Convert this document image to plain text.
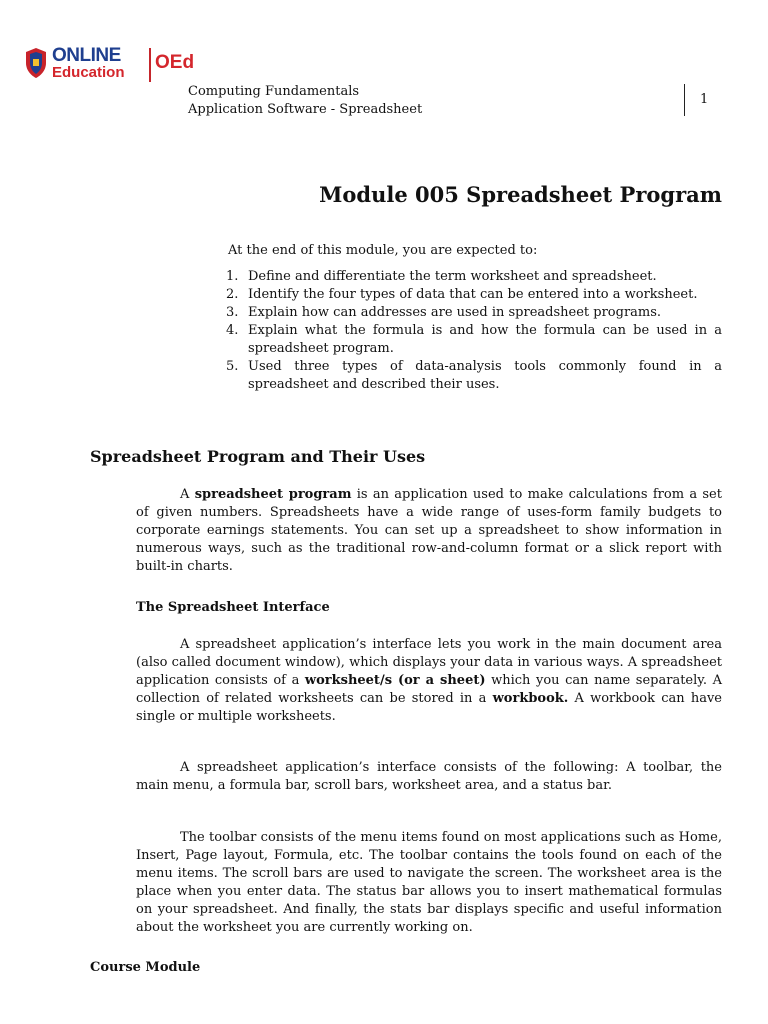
ONLINE
Education OEd
Computing Fundamentals
Application Software - Spreadsheet
1
Module 005 Spreadsheet Program
At the end of this module, you are expected to:
1. Define and differentiate the term worksheet and spreadsheet.
2. Identify the four types of data that can be entered into a worksheet.
3. Explain how can addresses are used in spreadsheet programs.
4. Explain what the formula is and how the formula can be used in a spreadsheet program.
5. Used three types of data-analysis tools commonly found in a spreadsheet and described their uses.
Spreadsheet Program and Their Uses

A spreadsheet program is an application used to make calculations from a set of given numbers. Spreadsheets have a wide range of uses-form family budgets to corporate earnings statements. You can set up a spreadsheet to show information in numerous ways, such as the traditional row-and-column format or a slick report with built-in charts.

The Spreadsheet Interface

A spreadsheet application’s interface lets you work in the main document area (also called document window), which displays your data in various ways. A spreadsheet application consists of a worksheet/s (or a sheet) which you can name separately. A collection of related worksheets can be stored in a workbook. A workbook can have single or multiple worksheets.

A spreadsheet application’s interface consists of the following: A toolbar, the main menu, a formula bar, scroll bars, worksheet area, and a status bar.

The toolbar consists of the menu items found on most applications such as Home, Insert, Page layout, Formula, etc. The toolbar contains the tools found on each of the menu items. The scroll bars are used to navigate the screen. The worksheet area is the place when you enter data. The status bar allows you to insert mathematical formulas on your spreadsheet. And finally, the stats bar displays specific and useful information about the worksheet you are currently working on.

Course Module
